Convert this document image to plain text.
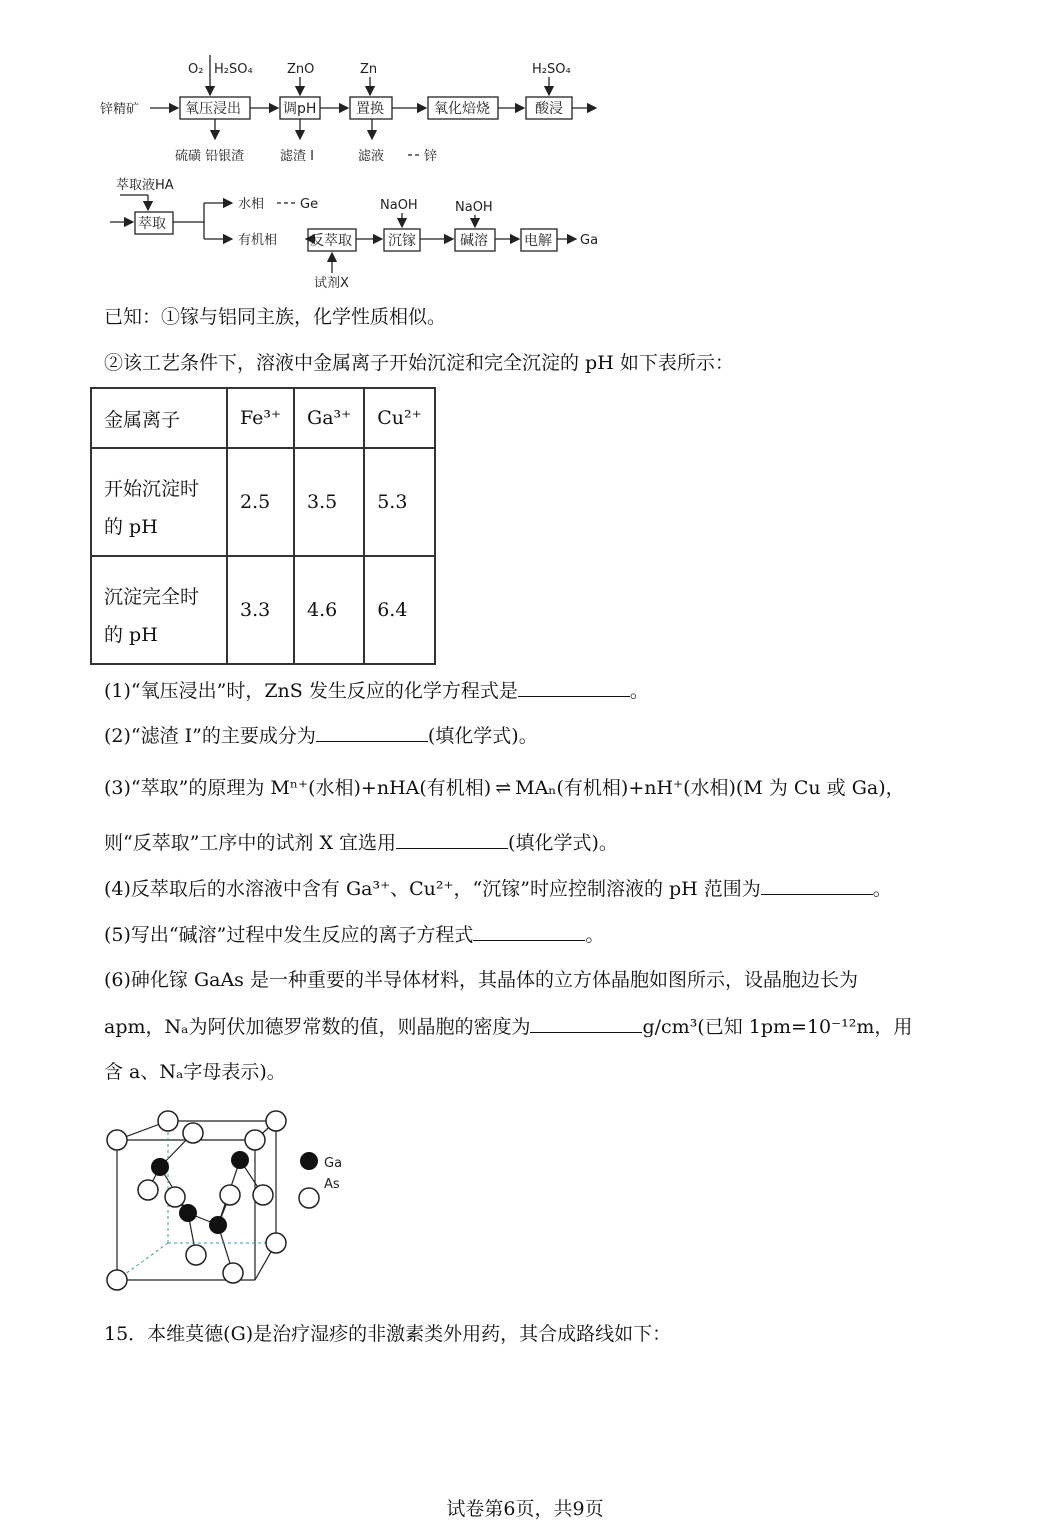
锌精矿
O₂ H₂SO₄	ZnO	Zn	H₂SO₄
氧压浸出	调pH	置换	氧化焙烧	酸浸
硫磺 铅银渣	滤渣 I	滤液	锌
萃取液HA
萃取
水相	Ge
有机相 反萃取	沉镓	碱溶	电解
NaOH	NaOH
Ga
试剂X
已知：①镓与铝同主族，化学性质相似。
②该工艺条件下，溶液中金属离子开始沉淀和完全沉淀的 pH 如下表所示：
金属离子	Fe³⁺	Ga³⁺	Cu²⁺

开始沉淀时
的 pH	2.5	3.5	5.3

沉淀完全时
的 pH	3.3	4.6	6.4
(1)“氧压浸出”时，ZnS 发生反应的化学方程式是	。
(2)“滤渣 I”的主要成分为	(填化学式)。
(3)“萃取”的原理为 Mⁿ⁺(水相)+nHA(有机相) ⇌ MAₙ(有机相)+nH⁺(水相)(M 为 Cu 或 Ga)，
则“反萃取”工序中的试剂 X 宜选用	(填化学式)。
(4)反萃取后的水溶液中含有 Ga³⁺、Cu²⁺，“沉镓”时应控制溶液的 pH 范围为	。
(5)写出“碱溶”过程中发生反应的离子方程式	。
(6)砷化镓 GaAs 是一种重要的半导体材料，其晶体的立方体晶胞如图所示，设晶胞边长为
apm，Nₐ为阿伏加德罗常数的值，则晶胞的密度为	g/cm³(已知 1pm=10⁻¹²m，用
含 a、Nₐ字母表示)。
Ga
As
15．本维莫德(G)是治疗湿疹的非激素类外用药，其合成路线如下：
试卷第6页，共9页
